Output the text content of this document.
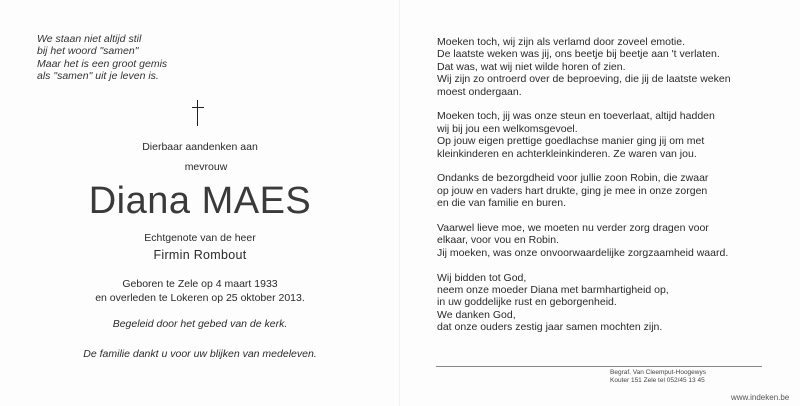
We staan niet altijd stil
bij het woord "samen"
Maar het is een groot gemis
als "samen" uit je leven is.
Dierbaar aandenken aan
mevrouw
Diana MAES
Echtgenote van de heer
Firmin Rombout
Geboren te Zele op 4 maart 1933
en overleden te Lokeren op 25 oktober 2013.
Begeleid door het gebed van de kerk.
De familie dankt u voor uw blijken van medeleven.
Moeken toch, wij zijn als verlamd door zoveel emotie.
De laatste weken was jij, ons beetje bij beetje aan 't verlaten.
Dat was, wat wij niet wilde horen of zien.
Wij zijn zo ontroerd over de beproeving, die jij de laatste weken
moest ondergaan.
Moeken toch, jij was onze steun en toeverlaat, altijd hadden
wij bij jou een welkomsgevoel.
Op jouw eigen prettige goedlachse manier ging jij om met
kleinkinderen en achterkleinkinderen. Ze waren van jou.
Ondanks de bezorgdheid voor jullie zoon Robin, die zwaar
op jouw en vaders hart drukte, ging je mee in onze zorgen
en die van familie en buren.
Vaarwel lieve moe, we moeten nu verder zorg dragen voor
elkaar, voor vou en Robin.
Jij moeken, was onze onvoorwaardelijke zorgzaamheid waard.
Wij bidden tot God,
neem onze moeder Diana met barmhartigheid op,
in uw goddelijke rust en geborgenheid.
We danken God,
dat onze ouders zestig jaar samen mochten zijn.
Begraf. Van Cleemput-Hoogewys
Kouter 151 Zele tel 052/45 13 45
www.indeken.be
